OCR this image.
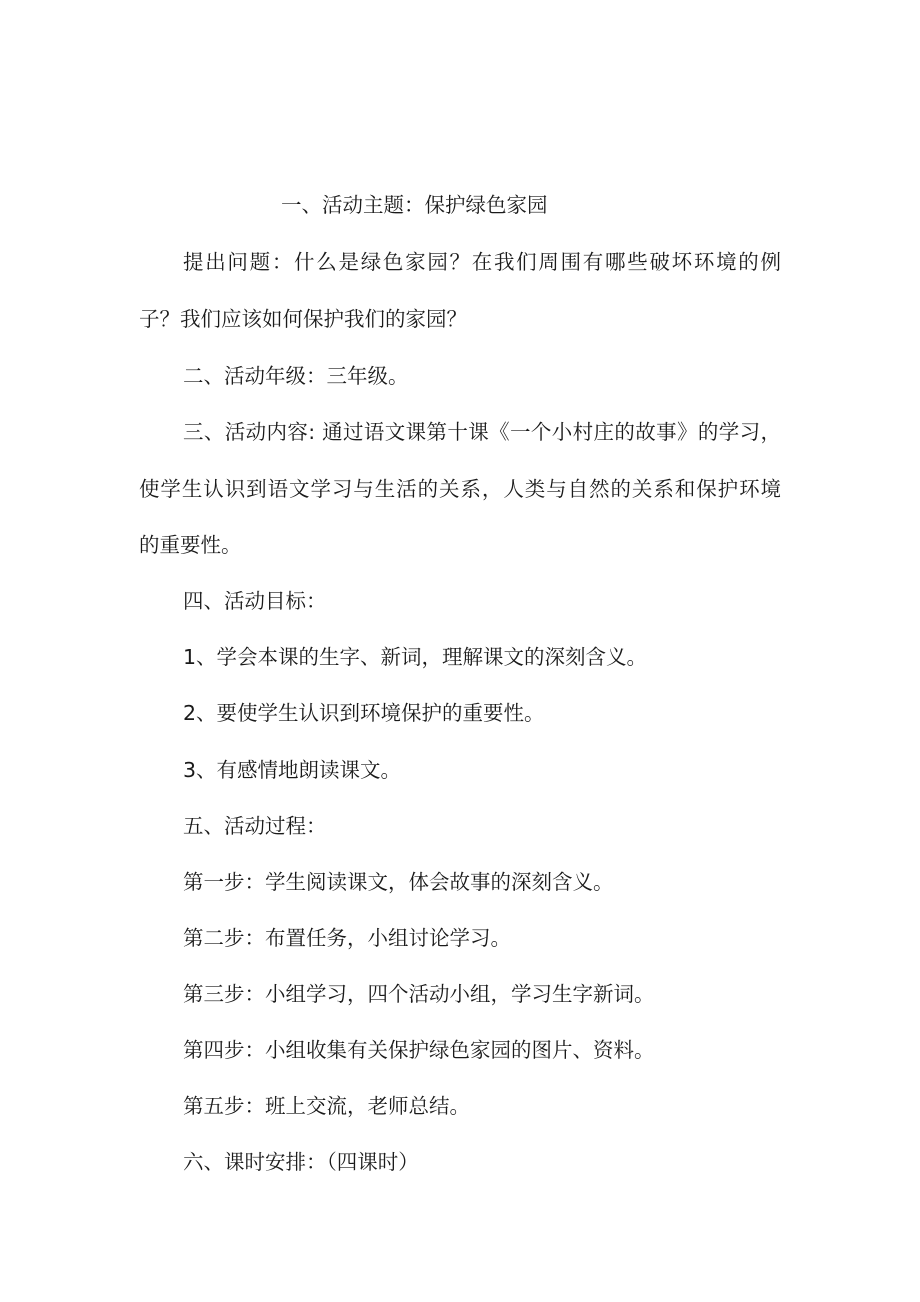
一、活动主题：保护绿色家园
提出问题：什么是绿色家园？在我们周围有哪些破坏环境的例
子？我们应该如何保护我们的家园？
二、活动年级：三年级。
三、活动内容: 通过语文课第十课《一个小村庄的故事》的学习，
使学生认识到语文学习与生活的关系，人类与自然的关系和保护环境
的重要性。
四、活动目标：
1、学会本课的生字、新词，理解课文的深刻含义。
2、要使学生认识到环境保护的重要性。
3、有感情地朗读课文。
五、活动过程：
第一步：学生阅读课文，体会故事的深刻含义。
第二步：布置任务，小组讨论学习。
第三步：小组学习，四个活动小组，学习生字新词。
第四步：小组收集有关保护绿色家园的图片、资料。
第五步：班上交流，老师总结。
六、课时安排：（四课时）
